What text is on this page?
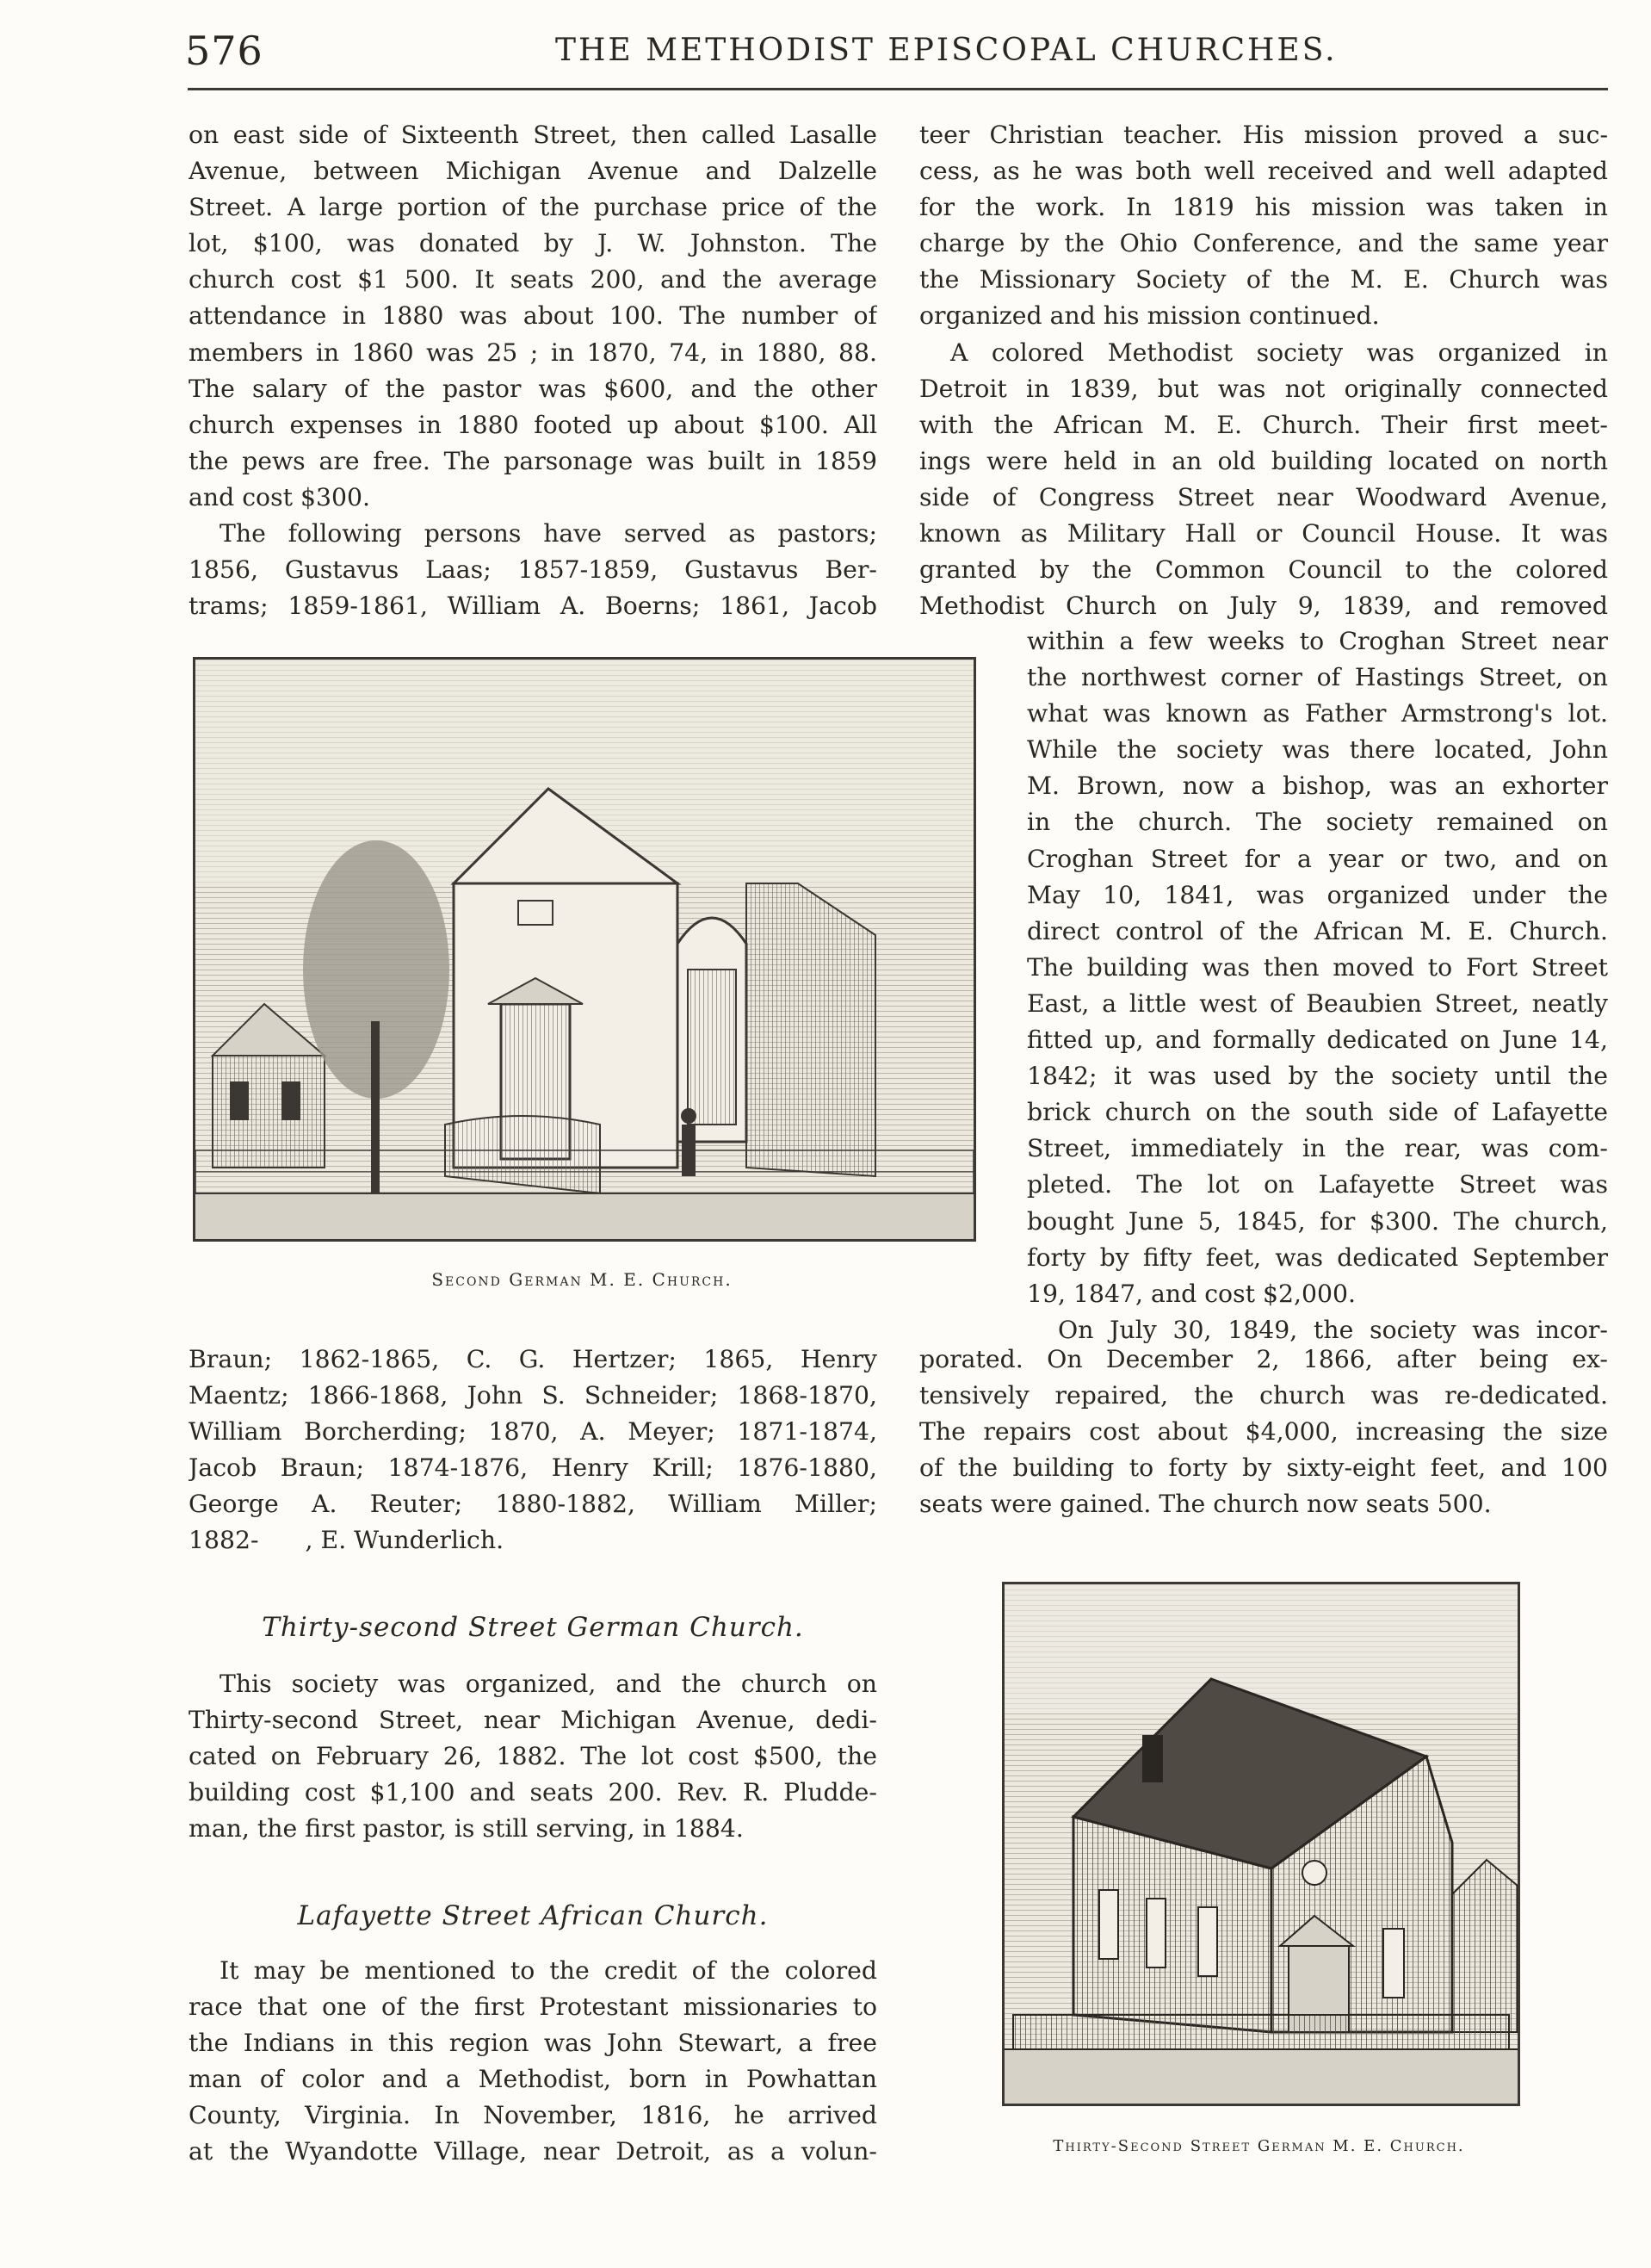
576	THE METHODIST EPISCOPAL CHURCHES.
on east side of Sixteenth Street, then called Lasalle
Avenue, between Michigan Avenue and Dalzelle
Street. A large portion of the purchase price of the
lot, $100, was donated by J. W. Johnston. The
church cost $1 500. It seats 200, and the average
attendance in 1880 was about 100. The number of
members in 1860 was 25 ; in 1870, 74, in 1880, 88.
The salary of the pastor was $600, and the other
church expenses in 1880 footed up about $100. All
the pews are free. The parsonage was built in 1859
and cost $300.
The following persons have served as pastors;
1856, Gustavus Laas; 1857-1859, Gustavus Ber-
trams; 1859-1861, William A. Boerns; 1861, Jacob
Second German M. E. Church.
Braun; 1862-1865, C. G. Hertzer; 1865, Henry
Maentz; 1866-1868, John S. Schneider; 1868-1870,
William Borcherding; 1870, A. Meyer; 1871-1874,
Jacob Braun; 1874-1876, Henry Krill; 1876-1880,
George A. Reuter; 1880-1882, William Miller;
1882-      , E. Wunderlich.
Thirty-second Street German Church.
This society was organized, and the church on
Thirty-second Street, near Michigan Avenue, dedi-
cated on February 26, 1882. The lot cost $500, the
building cost $1,100 and seats 200. Rev. R. Pludde-
man, the first pastor, is still serving, in 1884.
Lafayette Street African Church.
It may be mentioned to the credit of the colored
race that one of the first Protestant missionaries to
the Indians in this region was John Stewart, a free
man of color and a Methodist, born in Powhattan
County, Virginia. In November, 1816, he arrived
at the Wyandotte Village, near Detroit, as a volun-
teer Christian teacher. His mission proved a suc-
cess, as he was both well received and well adapted
for the work. In 1819 his mission was taken in
charge by the Ohio Conference, and the same year
the Missionary Society of the M. E. Church was
organized and his mission continued.
A colored Methodist society was organized in
Detroit in 1839, but was not originally connected
with the African M. E. Church. Their first meet-
ings were held in an old building located on north
side of Congress Street near Woodward Avenue,
known as Military Hall or Council House. It was
granted by the Common Council to the colored
Methodist Church on July 9, 1839, and removed
within a few weeks to Croghan Street near
the northwest corner of Hastings Street, on
what was known as Father Armstrong's lot.
While the society was there located, John
M. Brown, now a bishop, was an exhorter
in the church. The society remained on
Croghan Street for a year or two, and on
May 10, 1841, was organized under the
direct control of the African M. E. Church.
The building was then moved to Fort Street
East, a little west of Beaubien Street, neatly
fitted up, and formally dedicated on June 14,
1842; it was used by the society until the
brick church on the south side of Lafayette
Street, immediately in the rear, was com-
pleted. The lot on Lafayette Street was
bought June 5, 1845, for $300. The church,
forty by fifty feet, was dedicated September
19, 1847, and cost $2,000.
On July 30, 1849, the society was incor-
porated. On December 2, 1866, after being ex-
tensively repaired, the church was re-dedicated.
The repairs cost about $4,000, increasing the size
of the building to forty by sixty-eight feet, and 100
seats were gained. The church now seats 500.
Thirty-Second Street German M. E. Church.
